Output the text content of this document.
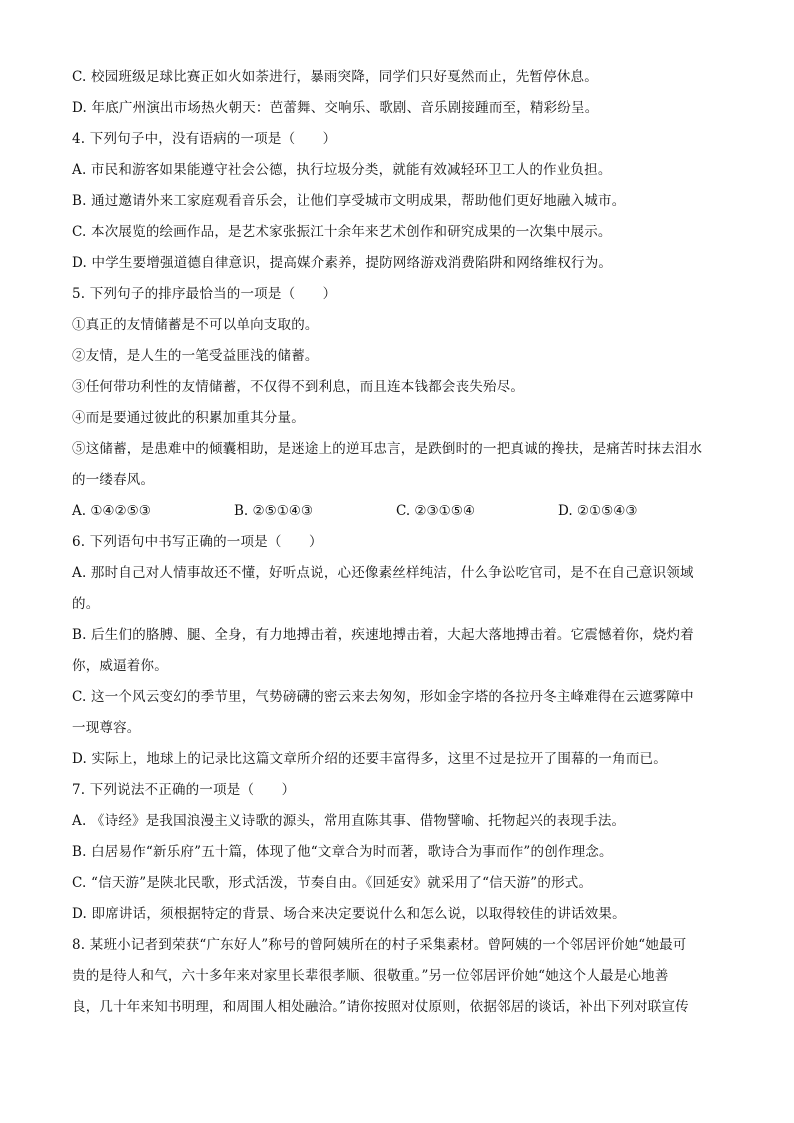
C. 校园班级足球比赛正如火如荼进行，暴雨突降，同学们只好戛然而止，先暂停休息。
D. 年底广州演出市场热火朝天：芭蕾舞、交响乐、歌剧、音乐剧接踵而至，精彩纷呈。
4. 下列句子中，没有语病的一项是（　　）
A. 市民和游客如果能遵守社会公德，执行垃圾分类，就能有效减轻环卫工人的作业负担。
B. 通过邀请外来工家庭观看音乐会，让他们享受城市文明成果，帮助他们更好地融入城市。
C. 本次展览的绘画作品，是艺术家张振江十余年来艺术创作和研究成果的一次集中展示。
D. 中学生要增强道德自律意识，提高媒介素养，提防网络游戏消费陷阱和网络维权行为。
5. 下列句子的排序最恰当的一项是（　　）
①真正的友情储蓄是不可以单向支取的。
②友情，是人生的一笔受益匪浅的储蓄。
③任何带功利性的友情储蓄，不仅得不到利息，而且连本钱都会丧失殆尽。
④而是要通过彼此的积累加重其分量。
⑤这储蓄，是患难中的倾囊相助，是迷途上的逆耳忠言，是跌倒时的一把真诚的搀扶，是痛苦时抹去泪水
的一缕春风。
A. ①④②⑤③	B. ②⑤①④③	C. ②③①⑤④	D. ②①⑤④③
6. 下列语句中书写正确的一项是（　　）
A. 那时自己对人情事故还不懂，好听点说，心还像素丝样纯洁，什么争讼吃官司，是不在自己意识领域
的。
B. 后生们的胳膊、腿、全身，有力地搏击着，疾速地搏击着，大起大落地搏击着。它震憾着你，烧灼着
你，威逼着你。
C. 这一个风云变幻的季节里，气势磅礴的密云来去匆匆，形如金字塔的各拉丹冬主峰难得在云遮雾障中
一现尊容。
D. 实际上，地球上的记录比这篇文章所介绍的还要丰富得多，这里不过是拉开了围幕的一角而已。
7. 下列说法不正确的一项是（　　）
A. 《诗经》是我国浪漫主义诗歌的源头，常用直陈其事、借物譬喻、托物起兴的表现手法。
B. 白居易作“新乐府”五十篇，体现了他“文章合为时而著，歌诗合为事而作”的创作理念。
C. “信天游”是陕北民歌，形式活泼，节奏自由。《回延安》就采用了“信天游”的形式。
D. 即席讲话，须根据特定的背景、场合来决定要说什么和怎么说，以取得较佳的讲话效果。
8. 某班小记者到荣获“广东好人”称号的曾阿姨所在的村子采集素材。曾阿姨的一个邻居评价她“她最可
贵的是待人和气，六十多年来对家里长辈很孝顺、很敬重。”另一位邻居评价她“她这个人最是心地善
良，几十年来知书明理，和周围人相处融洽。”请你按照对仗原则，依据邻居的谈话，补出下列对联宣传
